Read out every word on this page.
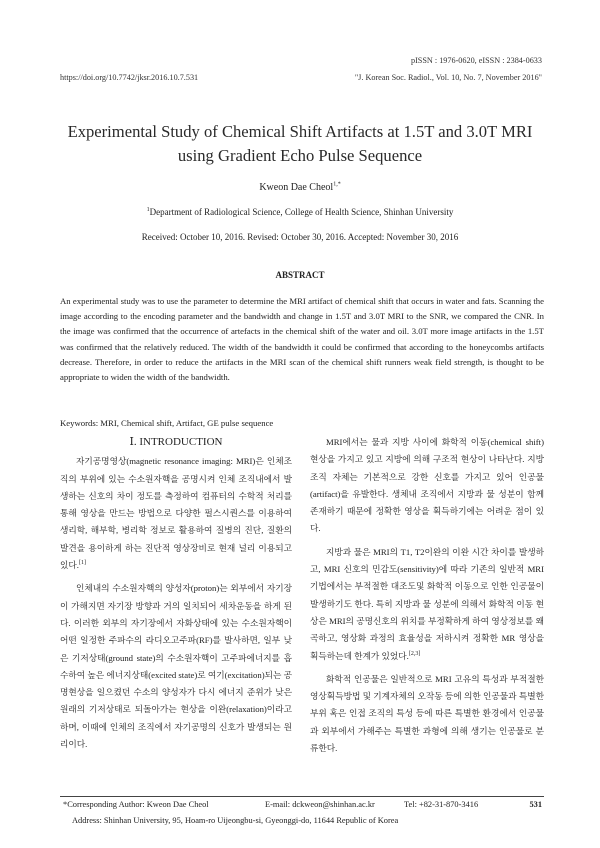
pISSN : 1976-0620, eISSN : 2384-0633
https://doi.org/10.7742/jksr.2016.10.7.531	"J. Korean Soc. Radiol., Vol. 10, No. 7, November 2016"
Experimental Study of Chemical Shift Artifacts at 1.5T and 3.0T MRI
using Gradient Echo Pulse Sequence
Kweon Dae Cheol$^{1,*}$
$^1$Department of Radiological Science, College of Health Science, Shinhan University
Received: October 10, 2016. Revised: October 30, 2016. Accepted: November 30, 2016
ABSTRACT
An experimental study was to use the parameter to determine the MRI artifact of chemical shift that occurs in water and fats. Scanning the image according to the encoding parameter and the bandwidth and change in 1.5T and 3.0T MRI to the SNR, we compared the CNR. In the image was confirmed that the occurrence of artefacts in the chemical shift of the water and oil. 3.0T more image artifacts in the 1.5T was confirmed that the relatively reduced. The width of the bandwidth it could be confirmed that according to the honeycombs artifacts decrease. Therefore, in order to reduce the artifacts in the MRI scan of the chemical shift runners weak field strength, is thought to be appropriate to widen the width of the bandwidth.
Keywords: MRI, Chemical shift, Artifact, GE pulse sequence
Ⅰ. INTRODUCTION

자기공명영상(magnetic resonance imaging: MRI)은 인체조직의 부위에 있는 수소원자핵을 공명시켜 인체 조직내에서 발생하는 신호의 차이 정도를 측정하여 컴퓨터의 수학적 처리를 통해 영상을 만드는 방법으로 다양한 펄스시퀀스를 이용하여 생리학, 해부학, 병리학 정보로 활용하여 질병의 진단, 질환의 발견을 용이하게 하는 진단적 영상장비로 현재 널리 이용되고 있다.[1]

인체내의 수소원자핵의 양성자(proton)는 외부에서 자기장이 가해지면 자기장 방향과 거의 일치되어 세차운동을 하게 된다. 이러한 외부의 자기장에서 자화상태에 있는 수소원자핵이 어떤 일정한 주파수의 라디오고주파(RF)를 발사하면, 일부 낮은 기저상태(ground state)의 수소원자핵이 고주파에너지를 흡수하여 높은 에너지상태(excited state)로 여기(excitation)되는 공명현상을 일으켰던 수소의 양성자가 다시 에너지 준위가 낮은 원래의 기저상태로 되돌아가는 현상을 이완(relaxation)이라고 하며, 이때에 인체의 조직에서 자기공명의 신호가 발생되는 원리이다.

MRI에서는 물과 지방 사이에 화학적 이동(chemical shift) 현상을 가지고 있고 지방에 의해 구조적 현상이 나타난다. 지방조직 자체는 기본적으로 강한 신호를 가지고 있어 인공물(artifact)을 유발한다. 생체내 조직에서 지방과 물 성분이 함께 존재하기 때문에 정확한 영상을 획득하기에는 어려운 점이 있다.

지방과 물은 MRI의 T1, T2이완의 이완 시간 차이를 발생하고, MRI 신호의 민감도(sensitivity)에 따라 기존의 일반적 MRI기법에서는 부적절한 대조도및 화학적 이동으로 인한 인공물이 발생하기도 한다. 특히 지방과 물 성분에 의해서 화학적 이동 현상은 MRI의 공명신호의 위치를 부정확하게 하여 영상정보를 왜곡하고, 영상화 과정의 효율성을 저하시켜 정확한 MR 영상을 획득하는데 한계가 있었다.[2,3]

화학적 인공물은 일반적으로 MRI 고유의 특성과 부적절한 영상획득방법 및 기계자체의 오작동 등에 의한 인공물과 특별한 부위 혹은 인접 조직의 특성 등에 따른 특별한 환경에서 인공물과 외부에서 가해주는 특별한 과형에 의해 생기는 인공물로 분류한다.

*Corresponding Author: Kweon Dae Cheol	E-mail: dckweon@shinhan.ac.kr	Tel: +82-31-870-3416	531
Address: Shinhan University, 95, Hoam-ro Uijeongbu-si, Gyeonggi-do, 11644 Republic of Korea
